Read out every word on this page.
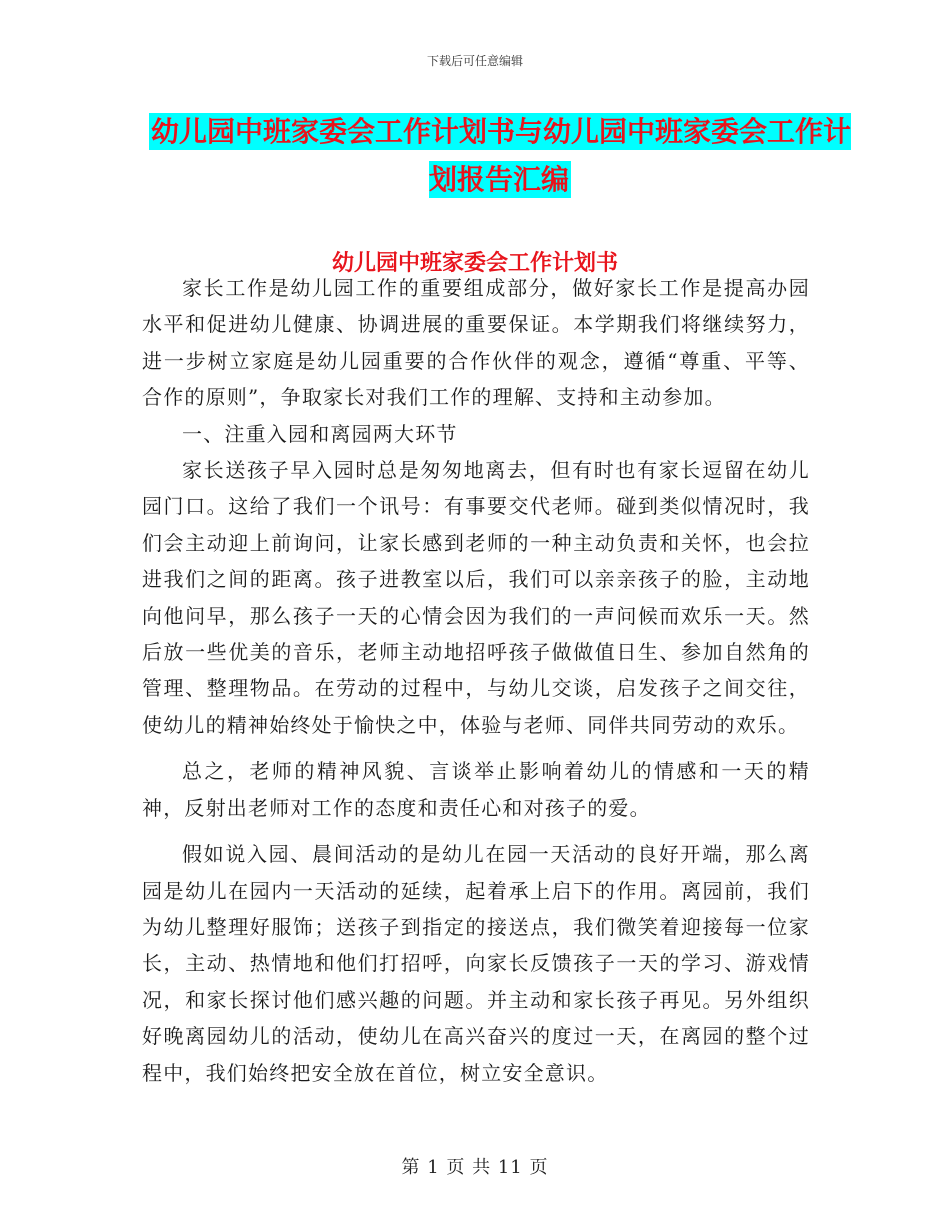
下载后可任意编辑
幼儿园中班家委会工作计划书与幼儿园中班家委会工作计划报告汇编
幼儿园中班家委会工作计划书

家长工作是幼儿园工作的重要组成部分，做好家长工作是提高办园水平和促进幼儿健康、协调进展的重要保证。本学期我们将继续努力，进一步树立家庭是幼儿园重要的合作伙伴的观念，遵循“尊重、平等、合作的原则”，争取家长对我们工作的理解、支持和主动参加。

一、注重入园和离园两大环节

家长送孩子早入园时总是匆匆地离去，但有时也有家长逗留在幼儿园门口。这给了我们一个讯号：有事要交代老师。碰到类似情况时，我们会主动迎上前询问，让家长感到老师的一种主动负责和关怀，也会拉进我们之间的距离。孩子进教室以后，我们可以亲亲孩子的脸，主动地向他问早，那么孩子一天的心情会因为我们的一声问候而欢乐一天。然后放一些优美的音乐，老师主动地招呼孩子做做值日生、参加自然角的管理、整理物品。在劳动的过程中，与幼儿交谈，启发孩子之间交往，使幼儿的精神始终处于愉快之中，体验与老师、同伴共同劳动的欢乐。

总之，老师的精神风貌、言谈举止影响着幼儿的情感和一天的精神，反射出老师对工作的态度和责任心和对孩子的爱。

假如说入园、晨间活动的是幼儿在园一天活动的良好开端，那么离园是幼儿在园内一天活动的延续，起着承上启下的作用。离园前，我们为幼儿整理好服饰；送孩子到指定的接送点，我们微笑着迎接每一位家长，主动、热情地和他们打招呼，向家长反馈孩子一天的学习、游戏情况，和家长探讨他们感兴趣的问题。并主动和家长孩子再见。另外组织好晚离园幼儿的活动，使幼儿在高兴奋兴的度过一天，在离园的整个过程中，我们始终把安全放在首位，树立安全意识。

第 1 页 共 11 页
